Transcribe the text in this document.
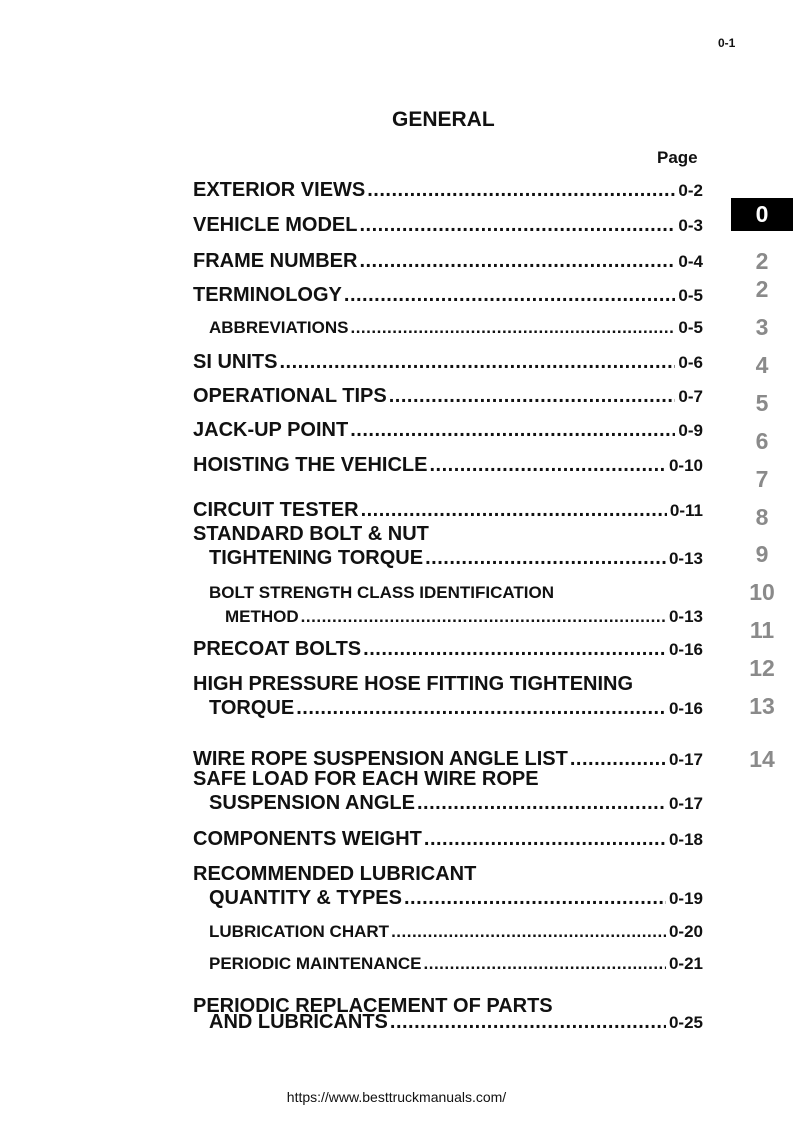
0-1
GENERAL
Page
EXTERIOR VIEWS .....	0-2
VEHICLE MODEL .....	0-3
FRAME NUMBER .....	0-4
TERMINOLOGY .....	0-5
ABBREVIATIONS .....	0-5
SI UNITS .....	0-6
OPERATIONAL TIPS .....	0-7
JACK-UP POINT .....	0-9
HOISTING THE VEHICLE .....	0-10
CIRCUIT TESTER .....	0-11
STANDARD BOLT & NUT
TIGHTENING TORQUE .....	0-13
BOLT STRENGTH CLASS IDENTIFICATION
METHOD .....	0-13
PRECOAT BOLTS .....	0-16
HIGH PRESSURE HOSE FITTING TIGHTENING
TORQUE .....	0-16
WIRE ROPE SUSPENSION ANGLE LIST .....	0-17
SAFE LOAD FOR EACH WIRE ROPE
SUSPENSION ANGLE .....	0-17
COMPONENTS WEIGHT .....	0-18
RECOMMENDED LUBRICANT
QUANTITY & TYPES .....	0-19
LUBRICATION CHART .....	0-20
PERIODIC MAINTENANCE .....	0-21
PERIODIC REPLACEMENT OF PARTS
AND LUBRICANTS .....	0-25
0
2
2
3
4
5
6
7
8
9
10
11
12
13
14
https://www.besttruckmanuals.com/
